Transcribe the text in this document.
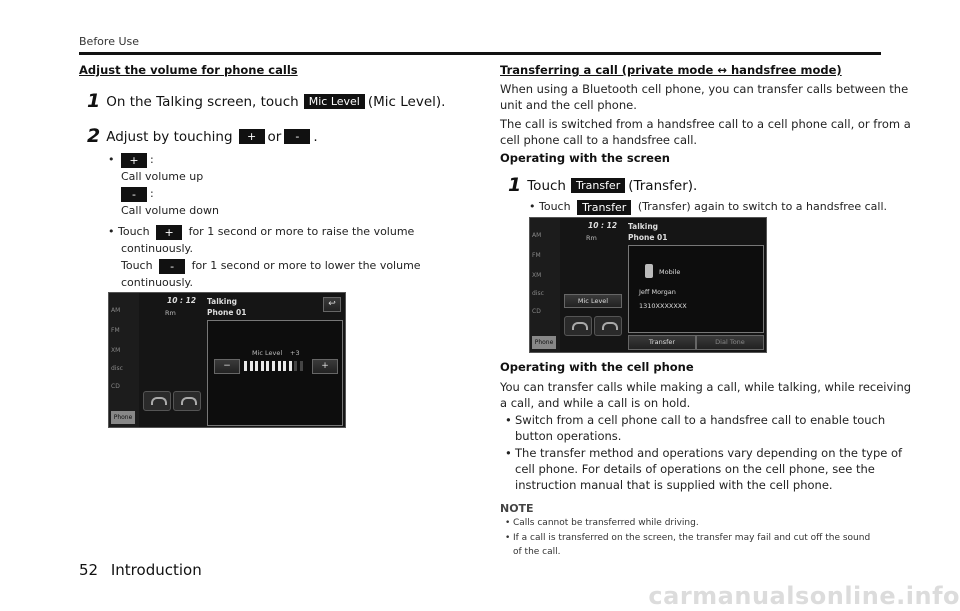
Before Use
Adjust the volume for phone calls
1 On the Talking screen, touch Mic Level (Mic Level).
2 Adjust by touching	+ or	-	.
• + :
Call volume up
- :
Call volume down
• Touch + for 1 second or more to raise the volume
continuously.
Touch - for 1 second or more to lower the volume
continuously.
AM
FM
XM
disc
CD
Phone
10 : 12
Rm
Talking
Phone 01
↩
Mic Level +3
−	+
Transferring a call (private mode ↔ handsfree mode)
When using a Bluetooth cell phone, you can transfer calls between the
unit and the cell phone.
The call is switched from a handsfree call to a cell phone call, or from a
cell phone call to a handsfree call.
Operating with the screen
1 Touch Transfer (Transfer).
• Touch Transfer (Transfer) again to switch to a handsfree call.
AM
FM
XM
disc
CD
Phone
10 : 12
Rm
Talking
Phone 01
Mic Level
Mobile
Jeff Morgan
1310XXXXXXX
Transfer	Dial Tone
Operating with the cell phone
You can transfer calls while making a call, while talking, while receiving
a call, and while a call is on hold.
• Switch from a cell phone call to a handsfree call to enable touch
button operations.
• The transfer method and operations vary depending on the type of
cell phone. For details of operations on the cell phone, see the
instruction manual that is supplied with the cell phone.
NOTE
• Calls cannot be transferred while driving.
• If a call is transferred on the screen, the transfer may fail and cut off the sound
of the call.
52 Introduction
carmanualsonline.info
